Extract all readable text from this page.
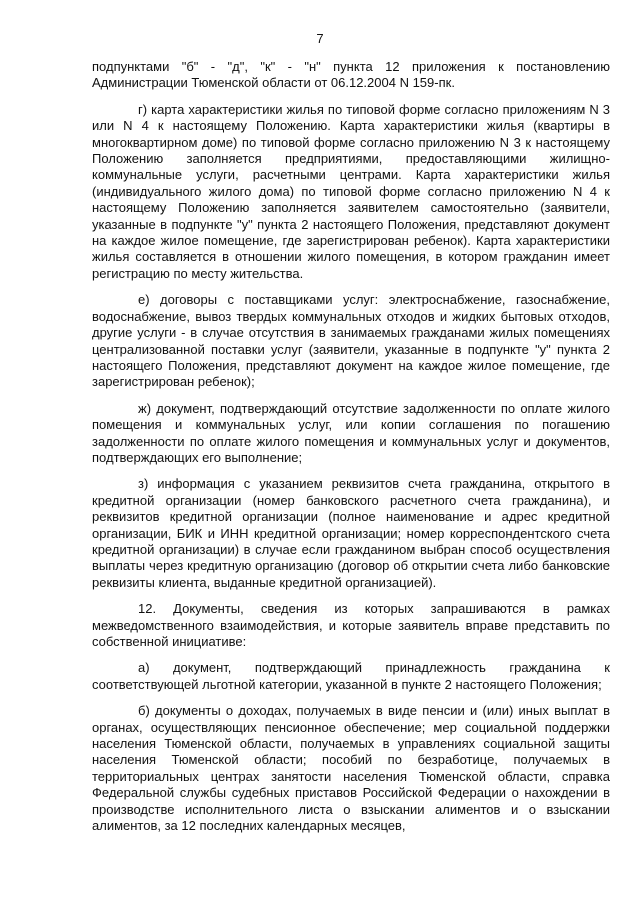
7

подпунктами "б" - "д", "к" - "н" пункта 12 приложения к постановлению Администрации Тюменской области от 06.12.2004 N 159-пк.

г) карта характеристики жилья по типовой форме согласно приложениям N 3 или N 4 к настоящему Положению. Карта характеристики жилья (квартиры в многоквартирном доме) по типовой форме согласно приложению N 3 к настоящему Положению заполняется предприятиями, предоставляющими жилищно-коммунальные услуги, расчетными центрами. Карта характеристики жилья (индивидуального жилого дома) по типовой форме согласно приложению N 4 к настоящему Положению заполняется заявителем самостоятельно (заявители, указанные в подпункте "у" пункта 2 настоящего Положения, представляют документ на каждое жилое помещение, где зарегистрирован ребенок). Карта характеристики жилья составляется в отношении жилого помещения, в котором гражданин имеет регистрацию по месту жительства.

е) договоры с поставщиками услуг: электроснабжение, газоснабжение, водоснабжение, вывоз твердых коммунальных отходов и жидких бытовых отходов, другие услуги - в случае отсутствия в занимаемых гражданами жилых помещениях централизованной поставки услуг (заявители, указанные в подпункте "у" пункта 2 настоящего Положения, представляют документ на каждое жилое помещение, где зарегистрирован ребенок);

ж) документ, подтверждающий отсутствие задолженности по оплате жилого помещения и коммунальных услуг, или копии соглашения по погашению задолженности по оплате жилого помещения и коммунальных услуг и документов, подтверждающих его выполнение;

з) информация с указанием реквизитов счета гражданина, открытого в кредитной организации (номер банковского расчетного счета гражданина), и реквизитов кредитной организации (полное наименование и адрес кредитной организации, БИК и ИНН кредитной организации; номер корреспондентского счета кредитной организации) в случае если гражданином выбран способ осуществления выплаты через кредитную организацию (договор об открытии счета либо банковские реквизиты клиента, выданные кредитной организацией).

12. Документы, сведения из которых запрашиваются в рамках межведомственного взаимодействия, и которые заявитель вправе представить по собственной инициативе:

а) документ, подтверждающий принадлежность гражданина к соответствующей льготной категории, указанной в пункте 2 настоящего Положения;

б) документы о доходах, получаемых в виде пенсии и (или) иных выплат в органах, осуществляющих пенсионное обеспечение; мер социальной поддержки населения Тюменской области, получаемых в управлениях социальной защиты населения Тюменской области; пособий по безработице, получаемых в территориальных центрах занятости населения Тюменской области, справка Федеральной службы судебных приставов Российской Федерации о нахождении в производстве исполнительного листа о взыскании алиментов и о взыскании алиментов, за 12 последних календарных месяцев,
